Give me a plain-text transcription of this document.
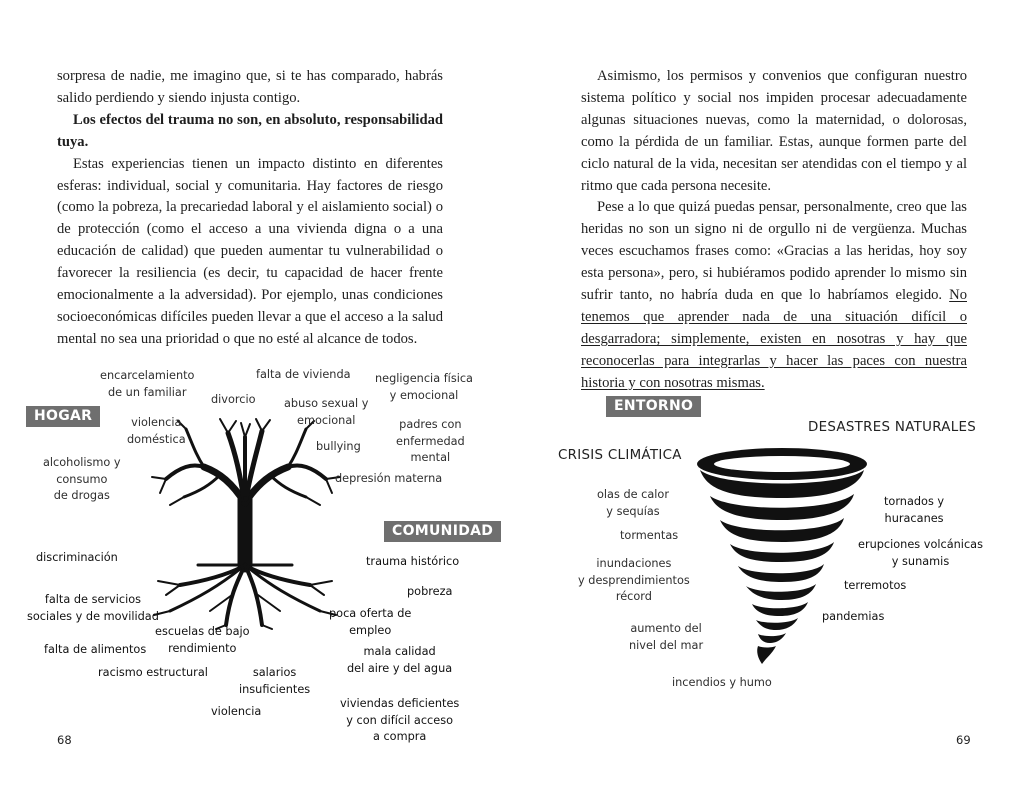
sorpresa de nadie, me imagino que, si te has comparado, habrás salido perdiendo y siendo injusta contigo.

Los efectos del trauma no son, en absoluto, responsabilidad tuya.

Estas experiencias tienen un impacto distinto en diferentes esferas: individual, social y comunitaria. Hay factores de riesgo (como la pobreza, la precariedad laboral y el aislamiento social) o de protección (como el acceso a una vivienda digna o a una educación de calidad) que pueden aumentar tu vulnerabilidad o favorecer la resiliencia (es decir, tu capacidad de hacer frente emocionalmente a la adversidad). Por ejemplo, unas condiciones socioeconómicas difíciles pueden llevar a que el acceso a la salud mental no sea una prioridad o que no esté al alcance de todos.

HOGAR
COMUNIDAD
encarcelamiento
de un familiar
divorcio
falta de vivienda
abuso sexual y
emocional
negligencia física
y emocional
violencia
doméstica
padres con
enfermedad
mental
bullying
alcoholismo y
consumo
de drogas
depresión materna
discriminación	trauma histórico
pobreza
falta de servicios
sociales y de movilidad	poca oferta de
empleo
escuelas de bajo
rendimiento
falta de alimentos	mala calidad
del aire y del agua
racismo estructural	salarios
insuficientes
violencia
viviendas deficientes
y con difícil acceso
a compra
68

Asimismo, los permisos y convenios que configuran nuestro sistema político y social nos impiden procesar adecuadamente algunas situaciones nuevas, como la maternidad, o dolorosas, como la pérdida de un familiar. Estas, aunque formen parte del ciclo natural de la vida, necesitan ser atendidas con el tiempo y al ritmo que cada persona necesite.

Pese a lo que quizá puedas pensar, personalmente, creo que las heridas no son un signo ni de orgullo ni de vergüenza. Muchas veces escuchamos frases como: «Gracias a las heridas, hoy soy esta persona», pero, si hubiéramos podido aprender lo mismo sin sufrir tanto, no habría duda en que lo habríamos elegido. No tenemos que aprender nada de una situación difícil o desgarradora; simplemente, existen en nosotras y hay que reconocerlas para integrarlas y hacer las paces con nuestra historia y con nosotras mismas.

ENTORNO
DESASTRES NATURALES
CRISIS CLIMÁTICA
olas de calor
y sequías
tormentas
inundaciones
y desprendimientos
récord
aumento del
nivel del mar
incendios y humo
tornados y
huracanes
erupciones volcánicas
y sunamis
terremotos
pandemias
69
